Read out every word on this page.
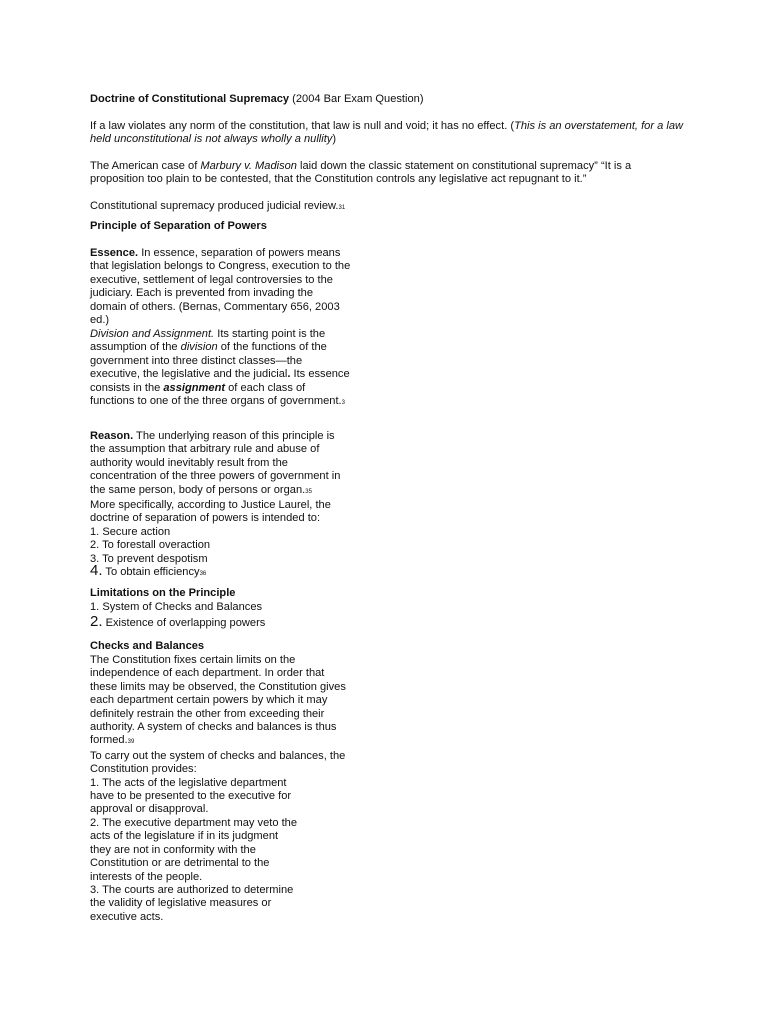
Doctrine of Constitutional Supremacy (2004 Bar Exam Question)
If a law violates any norm of the constitution, that law is null and void; it has no effect. (This is an overstatement, for a law held unconstitutional is not always wholly a nullity)
The American case of Marbury v. Madison laid down the classic statement on constitutional supremacy” “It is a proposition too plain to be contested, that the Constitution controls any legislative act repugnant to it.”
Constitutional supremacy produced judicial review.31
Principle of Separation of Powers
Essence. In essence, separation of powers means that legislation belongs to Congress, execution to the executive, settlement of legal controversies to the judiciary. Each is prevented from invading the domain of others. (Bernas, Commentary 656, 2003 ed.)
Division and Assignment. Its starting point is the assumption of the division of the functions of the government into three distinct classes—the executive, the legislative and the judicial. Its essence consists in the assignment of each class of functions to one of the three organs of government.3
Reason. The underlying reason of this principle is the assumption that arbitrary rule and abuse of authority would inevitably result from the concentration of the three powers of government in the same person, body of persons or organ.35
More specifically, according to Justice Laurel, the doctrine of separation of powers is intended to:
1. Secure action
2. To forestall overaction
3. To prevent despotism
4. To obtain efficiency36
Limitations on the Principle
1. System of Checks and Balances
2. Existence of overlapping powers
Checks and Balances
The Constitution fixes certain limits on the independence of each department. In order that these limits may be observed, the Constitution gives each department certain powers by which it may definitely restrain the other from exceeding their authority. A system of checks and balances is thus formed.39
To carry out the system of checks and balances, the Constitution provides:
1. The acts of the legislative department
have to be presented to the executive for
approval or disapproval.
2. The executive department may veto the
acts of the legislature if in its judgment
they are not in conformity with the
Constitution or are detrimental to the
interests of the people.
3. The courts are authorized to determine
the validity of legislative measures or
executive acts.
